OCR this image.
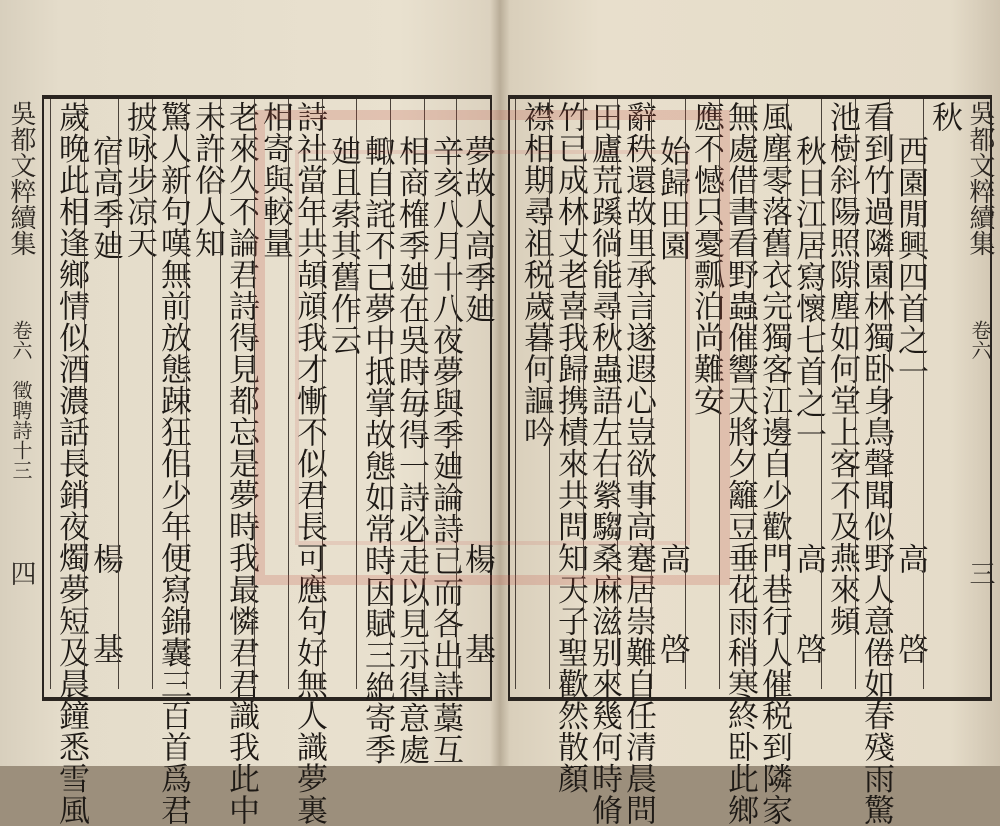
吳都文粹續集
卷六
徵聘詩十三
四 歲晚此相逢鄉情似酒濃話長銷夜燭夢短及晨鐘悉雪風
宿高季廸
楊　基
披咏步凉天
驚人新句嘆無前放態踈狂佀少年便寫錦囊三百首爲君
未許俗人知
老來久不論君詩得見都忘是夢時我最憐君君識我此中
相寄與較量
詩社當年共頡頏我才慚不似君長可應句好無人識夢裏
廸且索其舊作云
輙自詫不已夢中抵掌故態如常時因賦三絶寄季
相商榷季廸在吳時毎得一詩必走以見示得意處
辛亥八月十八夜夢與季廸論詩已而各出詩藁互
夢故人高季廸
楊　基
襟相期尋祖税歲暮何謳吟
竹已成林丈老喜我歸携樍來共問知天子聖歡然散顏
田廬荒蹊徜能尋秋蟲語左右縈騶桑麻滋别來幾何時脩
辭秩還故里承言遂遐心豈欲事高蹇居崇難自任清晨問
始歸田園
高　啓
應不憾只憂瓢泊尚難安
無處借書看野蟲催響天將夕籬豆垂花雨稍寒終卧此鄉
風塵零落舊衣完獨客江邊自少歡門巷行人催税到隣家
秋日江居寫懷七首之一
高　啓
池樹斜陽照隙塵如何堂上客不及燕來頻
看到竹過隣園林獨卧身鳥聲聞似野人意倦如春殘雨驚
西園閒興四首之一
高　啓
秋 吳都文粹續集
卷六
三
